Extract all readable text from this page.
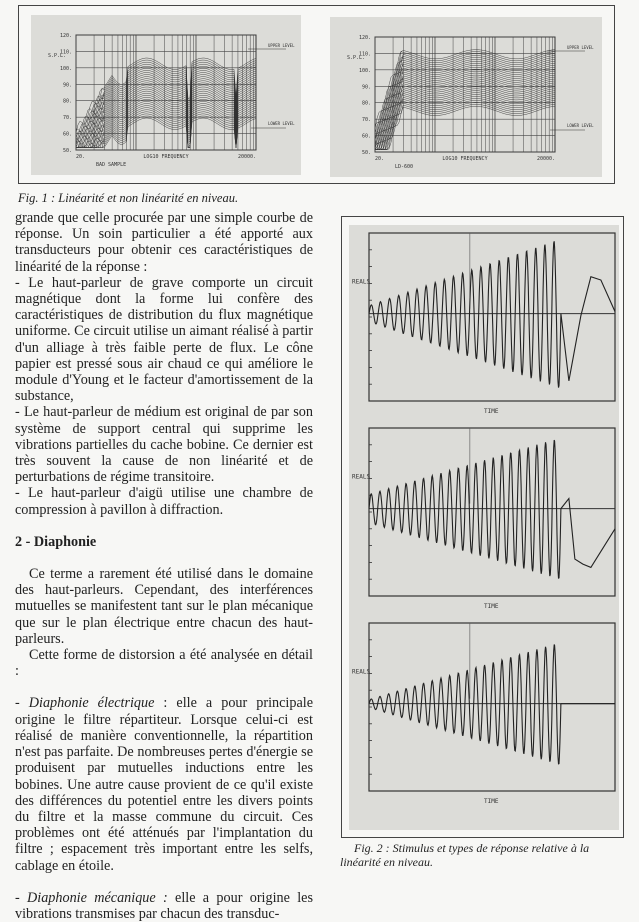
120.
110.
100.
90.
80.
70.
60.
50.
S.P.L.
LOG10 FREQUENCY
20.	20000.
BAD SAMPLE
UPPER LEVEL
LOWER LEVEL
120.
110.
100.
90.
80.
70.
60.
50.
S.P.L.
LOG10 FREQUENCY
20.	20000.
LD-600
UPPER LEVEL
LOWER LEVEL
Fig. 1 : Linéarité et non linéarité en niveau.

grande que celle procurée par une simple courbe de réponse. Un soin particulier a été apporté aux transducteurs pour obtenir ces caractéristiques de linéarité de la réponse :

- Le haut-parleur de grave comporte un circuit magnétique dont la forme lui confère des caractéristiques de distribution du flux magnétique uniforme. Ce circuit utilise un aimant réalisé à partir d'un alliage à très faible perte de flux. Le cône papier est pressé sous air chaud ce qui améliore le module d'Young et le facteur d'amortissement de la substance,

- Le haut-parleur de médium est original de par son système de support central qui supprime les vibrations partielles du cache bobine. Ce dernier est très souvent la cause de non linéarité et de perturbations de régime transitoire.

- Le haut-parleur d'aigü utilise une chambre de compression à pavillon à diffraction.

2 - Diaphonie

Ce terme a rarement été utilisé dans le domaine des haut-parleurs. Cependant, des interférences mutuelles se manifestent tant sur le plan mécanique que sur le plan électrique entre chacun des haut-parleurs.

Cette forme de distorsion a été analysée en détail :

- Diaphonie électrique : elle a pour principale origine le filtre répartiteur. Lorsque celui-ci est réalisé de manière conventionnelle, la répartition n'est pas parfaite. De nombreuses pertes d'énergie se produisent par mutuelles inductions entre les bobines. Une autre cause provient de ce qu'il existe des différences du potentiel entre les divers points du filtre et la masse commune du circuit. Ces problèmes ont été atténués par l'implantation du filtre ; espacement très important entre les selfs, cablage en étoile.

- Diaphonie mécanique : elle a pour origine les vibrations transmises par chacun des transduc-

REALS
TIME
REALS
TIME
REALS
TIME
Fig. 2 : Stimulus et types de réponse relative à la linéarité en niveau.
